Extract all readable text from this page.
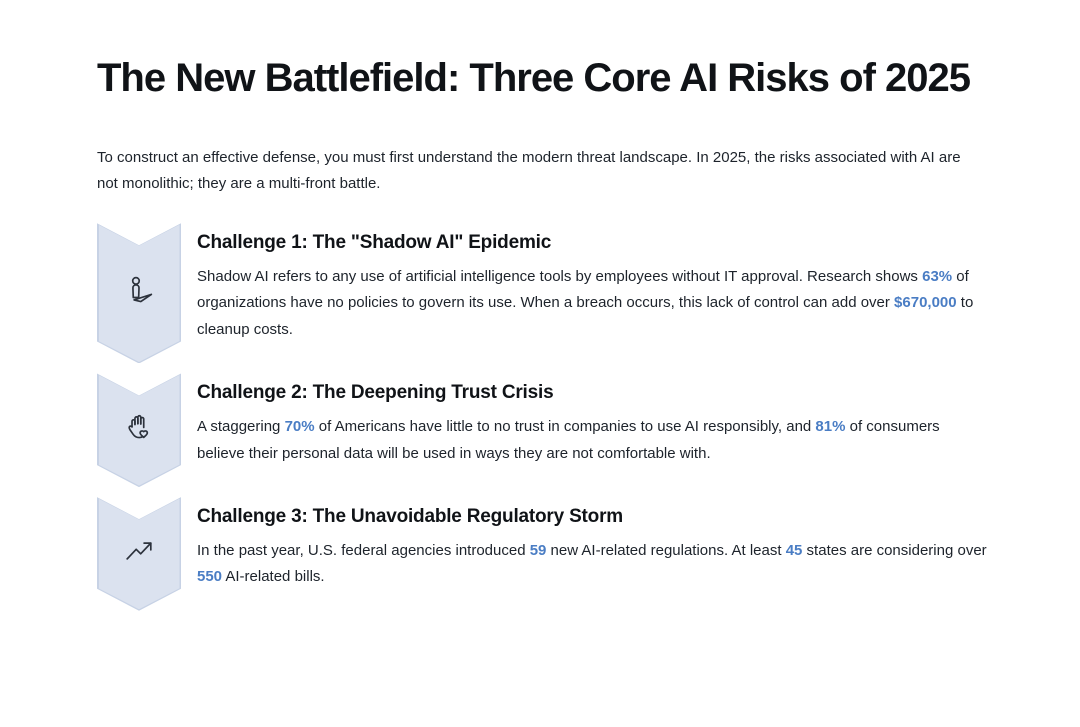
The New Battlefield: Three Core AI Risks of 2025

To construct an effective defense, you must first understand the modern threat landscape. In 2025, the risks associated with AI are not monolithic; they are a multi-front battle.

Challenge 1: The "Shadow AI" Epidemic

Shadow AI refers to any use of artificial intelligence tools by employees without IT approval. Research shows 63% of organizations have no policies to govern its use. When a breach occurs, this lack of control can add over $670,000 to cleanup costs.

Challenge 2: The Deepening Trust Crisis

A staggering 70% of Americans have little to no trust in companies to use AI responsibly, and 81% of consumers believe their personal data will be used in ways they are not comfortable with.

Challenge 3: The Unavoidable Regulatory Storm

In the past year, U.S. federal agencies introduced 59 new AI-related regulations. At least 45 states are considering over 550 AI-related bills.
